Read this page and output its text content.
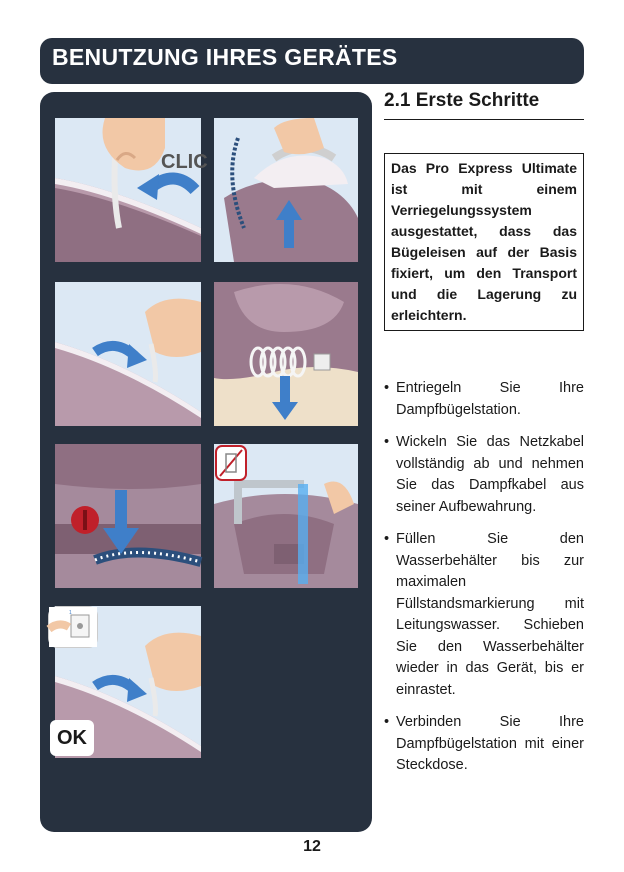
BENUTZUNG IHRES GERÄTES
CLIC
1
OK
2.1 Erste Schritte
Das Pro Express Ultimate ist mit einem Verriegelungssystem ausgestattet, dass das Bügeleisen auf der Basis fixiert, um den Transport und die Lagerung zu erleichtern.
• Entriegeln Sie Ihre Dampfbügelstation.
• Wickeln Sie das Netzkabel vollständig ab und nehmen Sie das Dampfkabel aus seiner Aufbewahrung.
• Füllen Sie den Wasserbehälter bis zur maximalen Füllstandsmarkierung mit Leitungswasser. Schieben Sie den Wasserbehälter wieder in das Gerät, bis er einrastet.
• Verbinden Sie Ihre Dampfbügelstation mit einer Steckdose.
12
